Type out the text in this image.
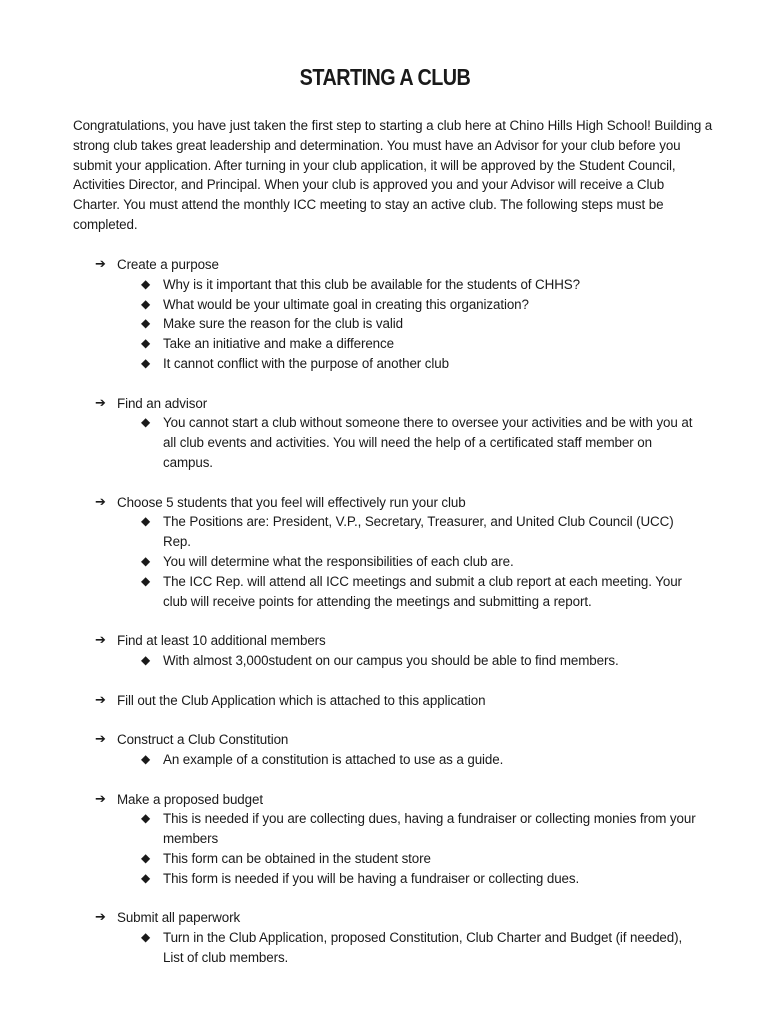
STARTING A CLUB
Congratulations, you have just taken the first step to starting a club here at Chino Hills High School! Building a strong club takes great leadership and determination. You must have an Advisor for your club before you submit your application. After turning in your club application, it will be approved by the Student Council, Activities Director, and Principal. When your club is approved you and your Advisor will receive a Club Charter. You must attend the monthly ICC meeting to stay an active club. The following steps must be completed.
➔ Create a purpose
◆ Why is it important that this club be available for the students of CHHS?
◆ What would be your ultimate goal in creating this organization?
◆ Make sure the reason for the club is valid
◆ Take an initiative and make a difference
◆ It cannot conflict with the purpose of another club
➔ Find an advisor
◆ You cannot start a club without someone there to oversee your activities and be with you at all club events and activities. You will need the help of a certificated staff member on campus.
➔ Choose 5 students that you feel will effectively run your club
◆ The Positions are: President, V.P., Secretary, Treasurer, and United Club Council (UCC) Rep.
◆ You will determine what the responsibilities of each club are.
◆ The ICC Rep. will attend all ICC meetings and submit a club report at each meeting. Your club will receive points for attending the meetings and submitting a report.
➔ Find at least 10 additional members
◆ With almost 3,000student on our campus you should be able to find members.
➔ Fill out the Club Application which is attached to this application
➔ Construct a Club Constitution
◆ An example of a constitution is attached to use as a guide.
➔ Make a proposed budget
◆ This is needed if you are collecting dues, having a fundraiser or collecting monies from your members
◆ This form can be obtained in the student store
◆ This form is needed if you will be having a fundraiser or collecting dues.
➔ Submit all paperwork
◆ Turn in the Club Application, proposed Constitution, Club Charter and Budget (if needed), List of club members.
